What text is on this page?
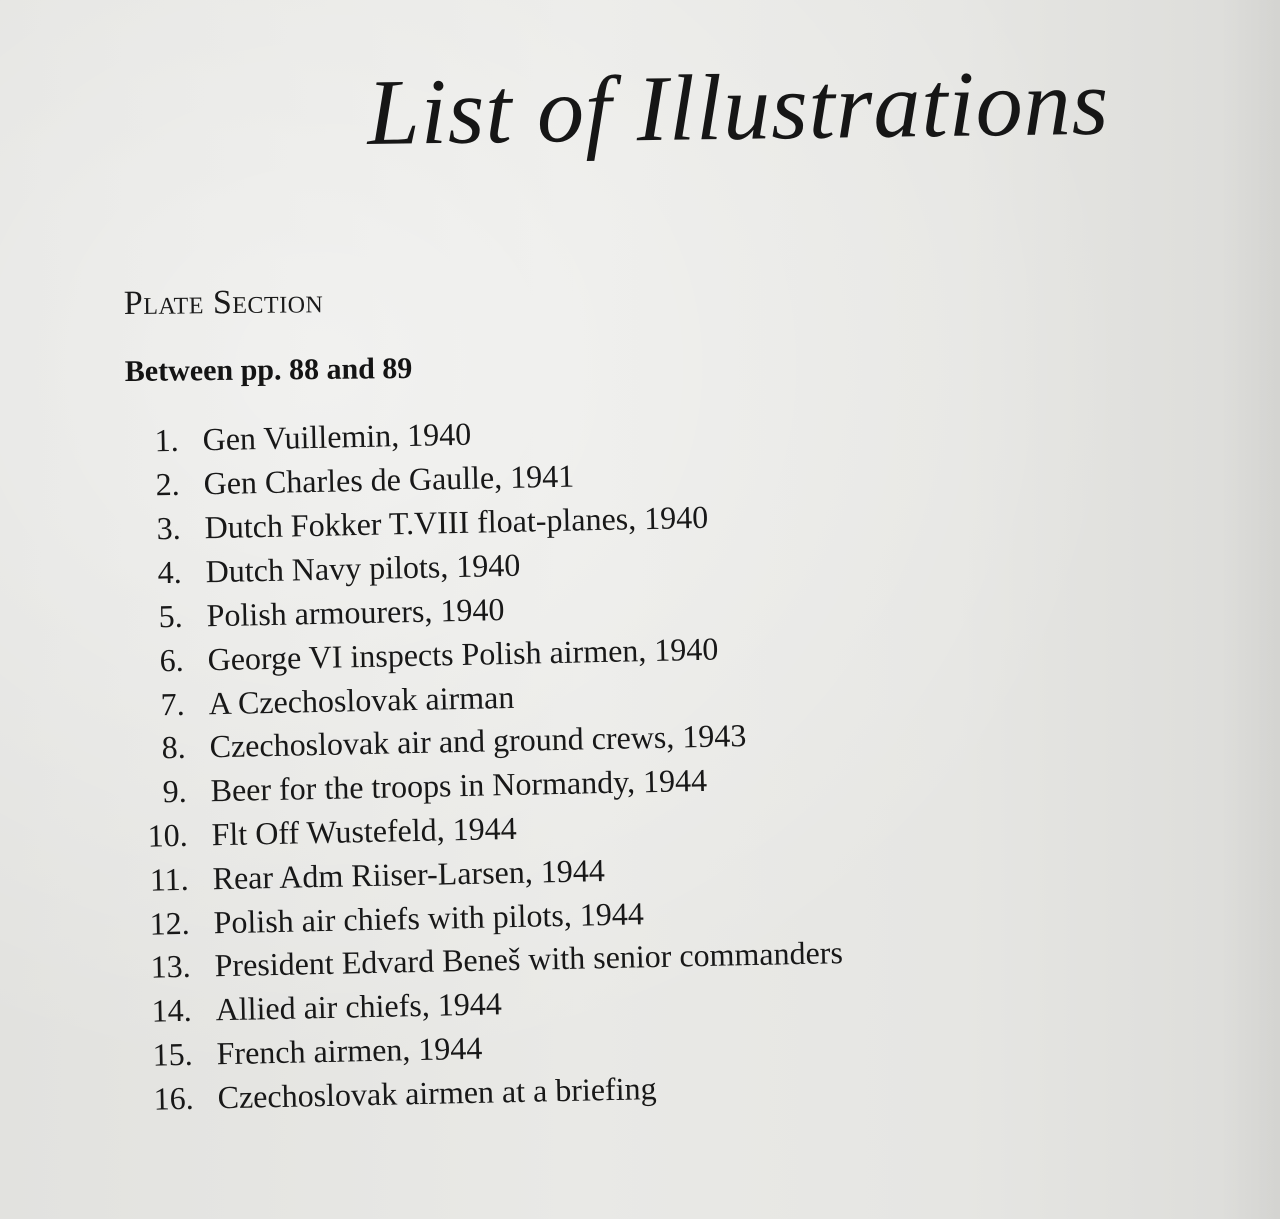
List of Illustrations
Plate Section
Between pp. 88 and 89
1. Gen Vuillemin, 1940
2. Gen Charles de Gaulle, 1941
3. Dutch Fokker T.VIII float-planes, 1940
4. Dutch Navy pilots, 1940
5. Polish armourers, 1940
6. George VI inspects Polish airmen, 1940
7. A Czechoslovak airman
8. Czechoslovak air and ground crews, 1943
9. Beer for the troops in Normandy, 1944
10. Flt Off Wustefeld, 1944
11. Rear Adm Riiser-Larsen, 1944
12. Polish air chiefs with pilots, 1944
13. President Edvard Beneš with senior commanders
14. Allied air chiefs, 1944
15. French airmen, 1944
16. Czechoslovak airmen at a briefing
